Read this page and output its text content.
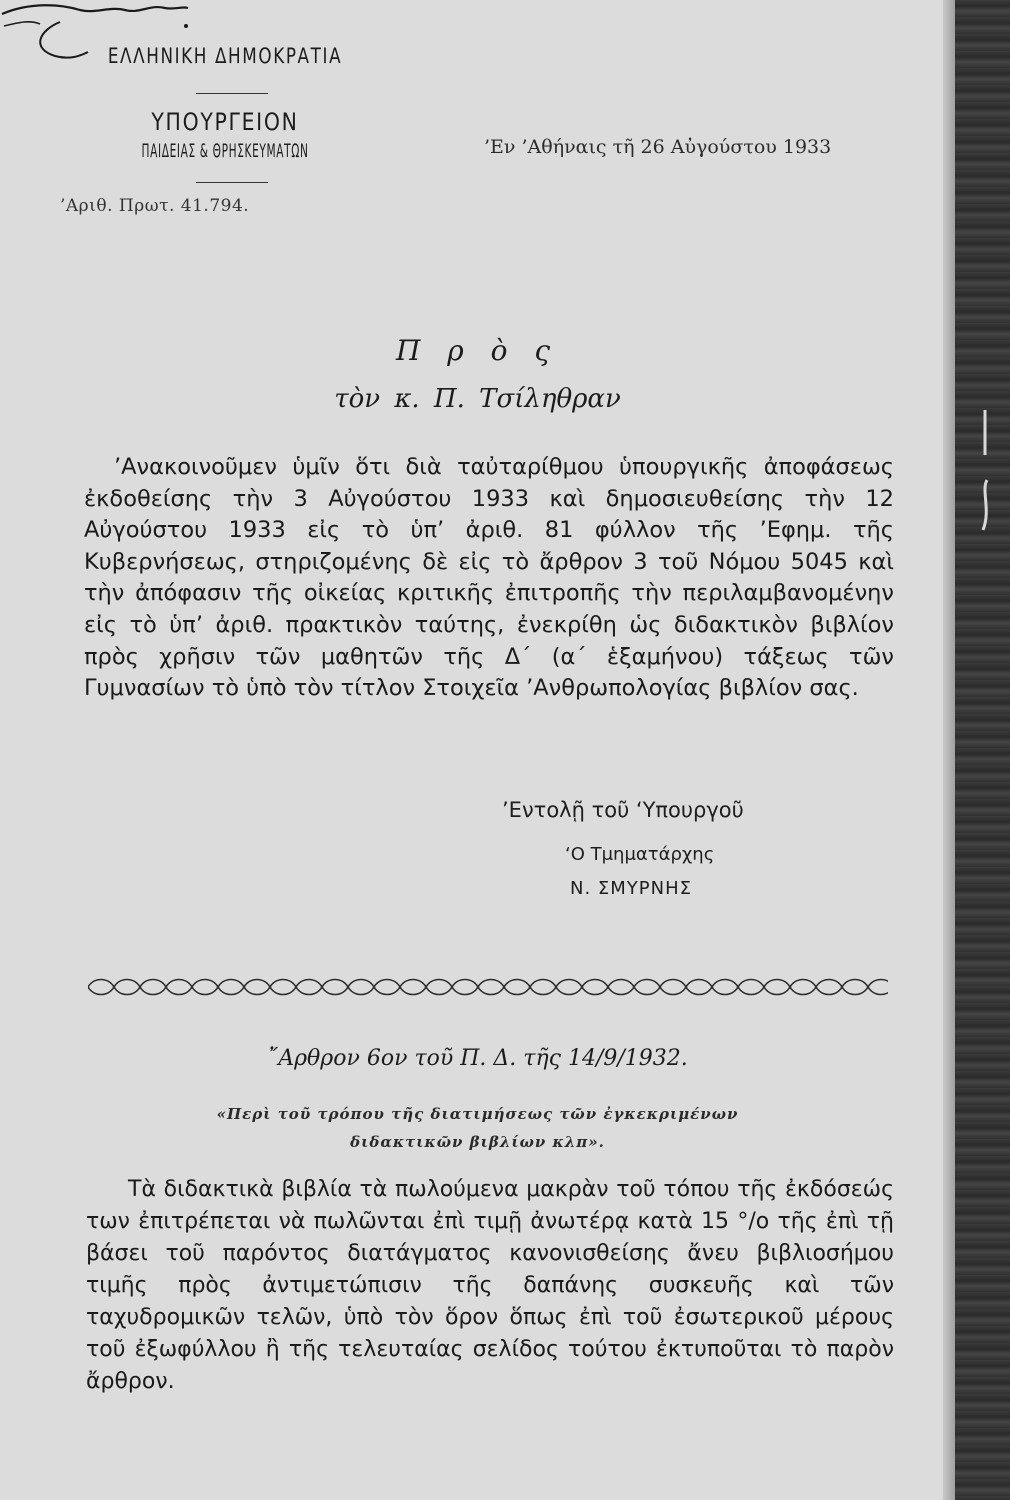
ΕΛΛΗΝΙΚΗ ΔΗΜΟΚΡΑΤΙΑ
ΥΠΟΥΡΓΕΙΟΝ
ΠΑΙΔΕΙΑΣ & ΘΡΗΣΚΕΥΜΑΤΩΝ	’Εν ’Αθήναις τῆ 26 Αὐγούστου 1933
’Αριθ. Πρωτ. 41.794.
Π ρ ὸ ς
τὸν κ. Π. Τσίληθραν

’Ανακοινοῦμεν ὑμῖν ὅτι διὰ ταὐταρίθμου ὑπουργικῆς ἀποφάσεως ἐκδοθείσης τὴν 3 Αὐγούστου 1933 καὶ δημοσιευθείσης τὴν 12 Αὐγούστου 1933 εἰς τὸ ὑπ’ ἀριθ. 81 φύλλον τῆς ’Εφημ. τῆς Κυβερνήσεως, στηριζομένης δὲ εἰς τὸ ἄρθρον 3 τοῦ Νόμου 5045 καὶ τὴν ἀπόφασιν τῆς οἰκείας κριτικῆς ἐπιτροπῆς τὴν περιλαμβανομένην εἰς τὸ ὑπ’ ἀριθ. πρακτικὸν ταύτης, ἐνεκρίθη ὡς διδακτικὸν βιβλίον πρὸς χρῆσιν τῶν μαθητῶν τῆς Δ΄ (α΄ ἑξαμήνου) τάξεως τῶν Γυμνασίων τὸ ὑπὸ τὸν τίτλον Στοιχεῖα ’Ανθρωπολογίας βιβλίον σας.

’Εντολῇ τοῦ ‘Υπουργοῦ
‘Ο Τμηματάρχης
Ν. ΣΜΥΡΝΗΣ
῎Αρθρον 6ον τοῦ Π. Δ. τῆς 14/9/1932.
«Περὶ τοῦ τρόπου τῆς διατιμήσεως τῶν ἐγκεκριμένων
διδακτικῶν βιβλίων κλπ».

Τὰ διδακτικὰ βιβλία τὰ πωλούμενα μακρὰν τοῦ τόπου τῆς ἐκδόσεώς των ἐπιτρέπεται νὰ πωλῶνται ἐπὶ τιμῇ ἀνωτέρᾳ κατὰ 15 °/ο τῆς ἐπὶ τῇ βάσει τοῦ παρόντος διατάγματος κανονισθείσης ἄνευ βιβλιοσήμου τιμῆς πρὸς ἀντιμετώπισιν τῆς δαπάνης συσκευῆς καὶ τῶν ταχυδρομικῶν τελῶν, ὑπὸ τὸν ὅρον ὅπως ἐπὶ τοῦ ἐσωτερικοῦ μέρους τοῦ ἐξωφύλλου ἢ τῆς τελευταίας σελίδος τούτου ἐκτυποῦται τὸ παρὸν ἄρθρον.
